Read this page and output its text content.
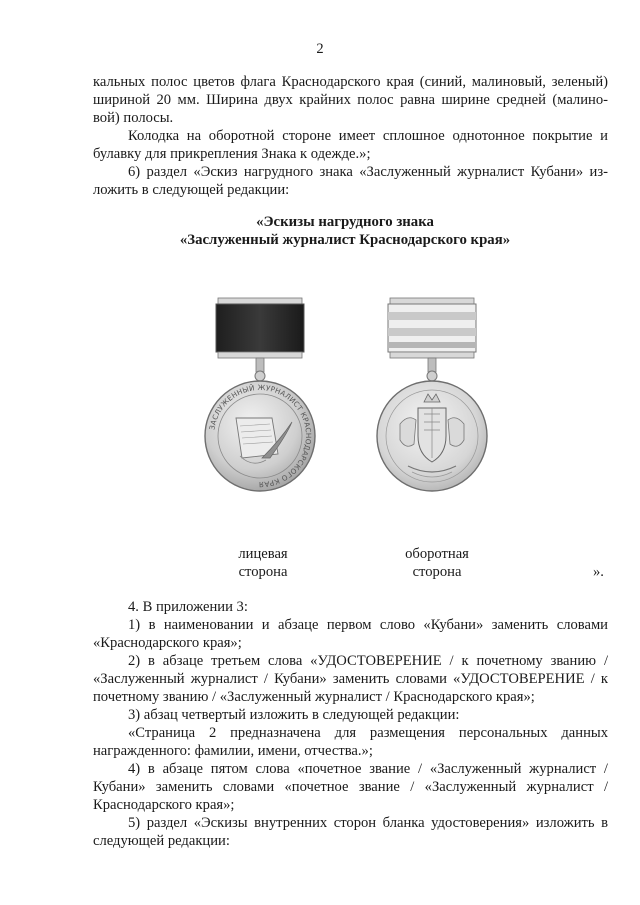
2
кальных полос цветов флага Краснодарского края (синий, малиновый, зеленый)
шириной 20 мм. Ширина двух крайних полос равна ширине средней (малино-
вой) полосы.
Колодка на оборотной стороне имеет сплошное однотонное покрытие и
булавку для прикрепления Знака к одежде.»;
6) раздел «Эскиз нагрудного знака «Заслуженный журналист Кубани» из-
ложить в следующей редакции:
«Эскизы нагрудного знака
«Заслуженный журналист Краснодарского края»
ЗАСЛУЖЕННЫЙ ЖУРНАЛИСТ КРАСНОДАРСКОГО КРАЯ
лицевая
сторона
оборотная
сторона	».
4. В приложении 3:
1) в наименовании и абзаце первом слово «Кубани» заменить словами
«Краснодарского края»;
2) в абзаце третьем слова «УДОСТОВЕРЕНИЕ / к почетному званию /
«Заслуженный журналист / Кубани» заменить словами «УДОСТОВЕРЕНИЕ / к
почетному званию / «Заслуженный журналист / Краснодарского края»;
3) абзац четвертый изложить в следующей редакции:
«Страница 2 предназначена для размещения персональных данных
награжденного: фамилии, имени, отчества.»;
4) в абзаце пятом слова «почетное звание / «Заслуженный журналист /
Кубани» заменить словами «почетное звание / «Заслуженный журналист /
Краснодарского края»;
5) раздел «Эскизы внутренних сторон бланка удостоверения» изложить в
следующей редакции:
